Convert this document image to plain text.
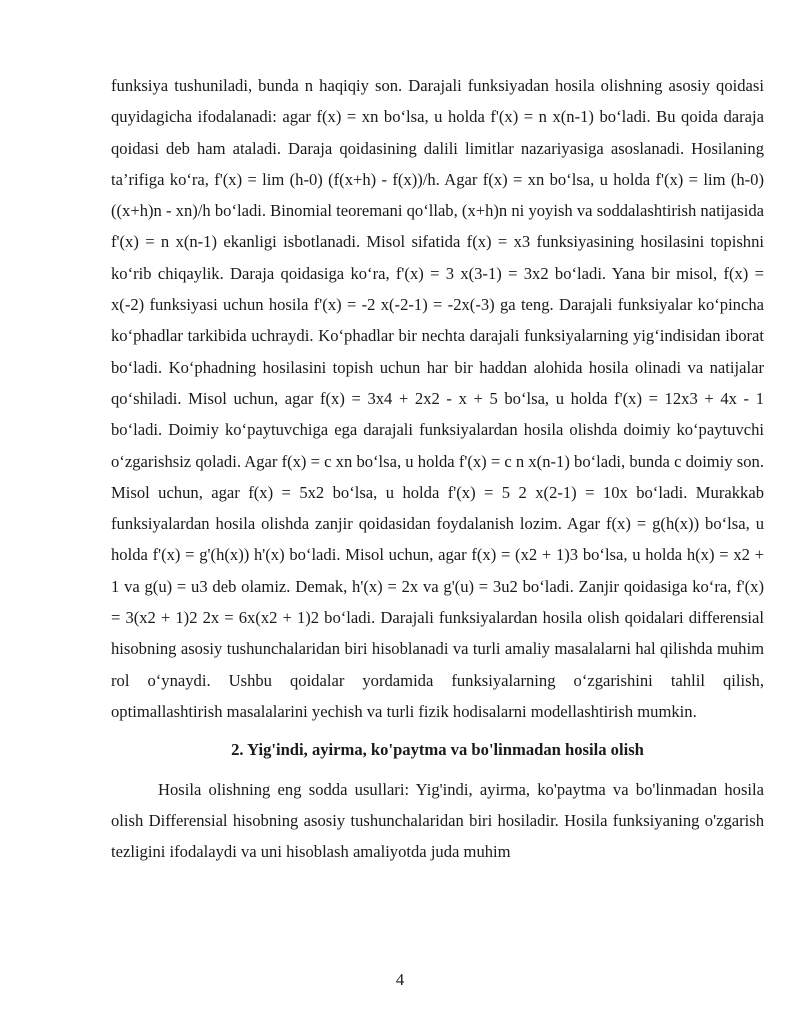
funksiya tushuniladi, bunda n haqiqiy son. Darajali funksiyadan hosila olishning asosiy qoidasi quyidagicha ifodalanadi: agar f(x) = xn bo‘lsa, u holda f'(x) = n x(n-1) bo‘ladi. Bu qoida daraja qoidasi deb ham ataladi. Daraja qoidasining dalili limitlar nazariyasiga asoslanadi. Hosilaning ta’rifiga ko‘ra, f'(x) = lim (h-0) (f(x+h) - f(x))/h. Agar f(x) = xn bo‘lsa, u holda f'(x) = lim (h-0) ((x+h)n - xn)/h bo‘ladi. Binomial teoremani qo‘llab, (x+h)n ni yoyish va soddalashtirish natijasida f'(x) = n x(n-1) ekanligi isbotlanadi. Misol sifatida f(x) = x3 funksiyasining hosilasini topishni ko‘rib chiqaylik. Daraja qoidasiga ko‘ra, f'(x) = 3 x(3-1) = 3x2 bo‘ladi. Yana bir misol, f(x) = x(-2) funksiyasi uchun hosila f'(x) = -2 x(-2-1) = -2x(-3) ga teng. Darajali funksiyalar ko‘pincha ko‘phadlar tarkibida uchraydi. Ko‘phadlar bir nechta darajali funksiyalarning yig‘indisidan iborat bo‘ladi. Ko‘phadning hosilasini topish uchun har bir haddan alohida hosila olinadi va natijalar qo‘shiladi. Misol uchun, agar f(x) = 3x4 + 2x2 - x + 5 bo‘lsa, u holda f'(x) = 12x3 + 4x - 1 bo‘ladi. Doimiy ko‘paytuvchiga ega darajali funksiyalardan hosila olishda doimiy ko‘paytuvchi o‘zgarishsiz qoladi. Agar f(x) = c xn bo‘lsa, u holda f'(x) = c n x(n-1) bo‘ladi, bunda c doimiy son. Misol uchun, agar f(x) = 5x2 bo‘lsa, u holda f'(x) = 5 2 x(2-1) = 10x bo‘ladi. Murakkab funksiyalardan hosila olishda zanjir qoidasidan foydalanish lozim. Agar f(x) = g(h(x)) bo‘lsa, u holda f'(x) = g'(h(x)) h'(x) bo‘ladi. Misol uchun, agar f(x) = (x2 + 1)3 bo‘lsa, u holda h(x) = x2 + 1 va g(u) = u3 deb olamiz. Demak, h'(x) = 2x va g'(u) = 3u2 bo‘ladi. Zanjir qoidasiga ko‘ra, f'(x) = 3(x2 + 1)2 2x = 6x(x2 + 1)2 bo‘ladi. Darajali funksiyalardan hosila olish qoidalari differensial hisobning asosiy tushunchalaridan biri hisoblanadi va turli amaliy masalalarni hal qilishda muhim rol o‘ynaydi. Ushbu qoidalar yordamida funksiyalarning o‘zgarishini tahlil qilish, optimallashtirish masalalarini yechish va turli fizik hodisalarni modellashtirish mumkin.

2. Yig'indi, ayirma, ko'paytma va bo'linmadan hosila olish

Hosila olishning eng sodda usullari: Yig'indi, ayirma, ko'paytma va bo'linmadan hosila olish Differensial hisobning asosiy tushunchalaridan biri hosiladir. Hosila funksiyaning o'zgarish tezligini ifodalaydi va uni hisoblash amaliyotda juda muhim

4
